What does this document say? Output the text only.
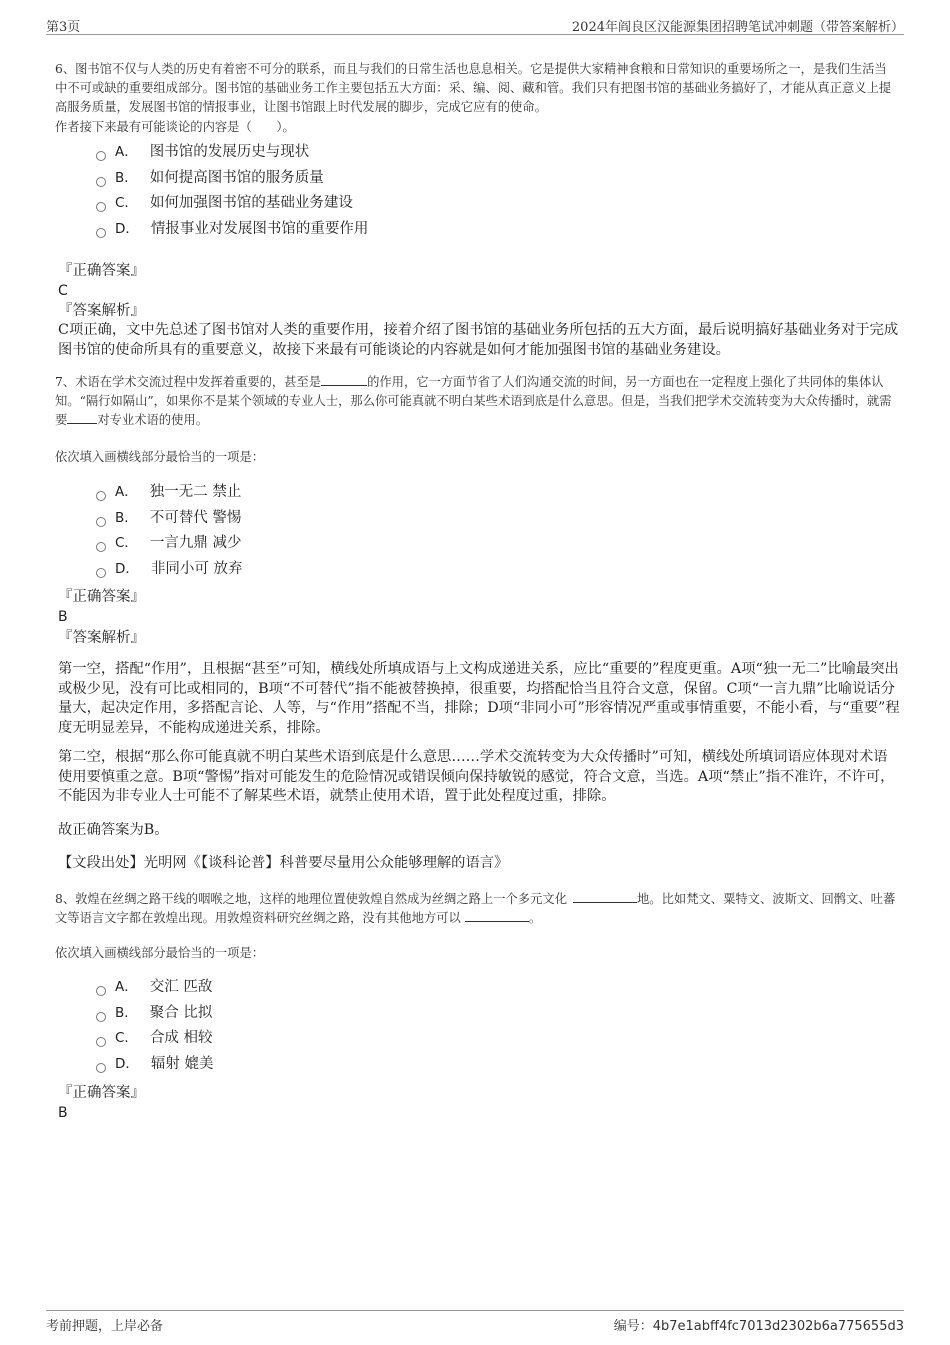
第3页	2024年阎良区汉能源集团招聘笔试冲刺题（带答案解析）

6、图书馆不仅与人类的历史有着密不可分的联系，而且与我们的日常生活也息息相关。它是提供大家精神食粮和日常知识的重要场所之一，是我们生活当中不可或缺的重要组成部分。图书馆的基础业务工作主要包括五大方面：采、编、阅、藏和管。我们只有把图书馆的基础业务搞好了，才能从真正意义上提高服务质量，发展图书馆的情报事业，让图书馆跟上时代发展的脚步，完成它应有的使命。

作者接下来最有可能谈论的内容是（　　）。

A． 图书馆的发展历史与现状
B． 如何提高图书馆的服务质量
C． 如何加强图书馆的基础业务建设
D． 情报事业对发展图书馆的重要作用

『正确答案』

C

『答案解析』

C项正确，文中先总述了图书馆对人类的重要作用，接着介绍了图书馆的基础业务所包括的五大方面，最后说明搞好基础业务对于完成图书馆的使命所具有的重要意义，故接下来最有可能谈论的内容就是如何才能加强图书馆的基础业务建设。

7、术语在学术交流过程中发挥着重要的，甚至是	的作用，它一方面节省了人们沟通交流的时间，另一方面也在一定程度上强化了共同体的集体认知。“隔行如隔山”，如果你不是某个领域的专业人士，那么你可能真就不明白某些术语到底是什么意思。但是，当我们把学术交流转变为大众传播时，就需要 对专业术语的使用。

依次填入画横线部分最恰当的一项是：

A． 独一无二 禁止
B． 不可替代 警惕
C． 一言九鼎 减少
D． 非同小可 放弃

『正确答案』

B

『答案解析』

第一空，搭配“作用”，且根据“甚至”可知，横线处所填成语与上文构成递进关系，应比“重要的”程度更重。A项“独一无二”比喻最突出或极少见，没有可比或相同的，B项“不可替代”指不能被替换掉，很重要，均搭配恰当且符合文意，保留。C项“一言九鼎”比喻说话分量大，起决定作用，多搭配言论、人等，与“作用”搭配不当，排除；D项“非同小可”形容情况严重或事情重要，不能小看，与“重要”程度无明显差异，不能构成递进关系，排除。

第二空，根据“那么你可能真就不明白某些术语到底是什么意思……学术交流转变为大众传播时”可知，横线处所填词语应体现对术语使用要慎重之意。B项“警惕”指对可能发生的危险情况或错误倾向保持敏锐的感觉，符合文意，当选。A项“禁止”指不准许，不许可，不能因为非专业人士可能不了解某些术语，就禁止使用术语，置于此处程度过重，排除。

故正确答案为B。

【文段出处】光明网《【谈科论普】科普要尽量用公众能够理解的语言》

8、敦煌在丝绸之路干线的咽喉之地，这样的地理位置使敦煌自然成为丝绸之路上一个多元文化	地。比如梵文、粟特文、波斯文、回鹘文、吐蕃文等语言文字都在敦煌出现。用敦煌资料研究丝绸之路，没有其他地方可以	。

依次填入画横线部分最恰当的一项是：

A． 交汇 匹敌
B． 聚合 比拟
C． 合成 相较
D． 辐射 媲美

『正确答案』

B

考前押题，上岸必备	编号：4b7e1abff4fc7013d2302b6a775655d3
